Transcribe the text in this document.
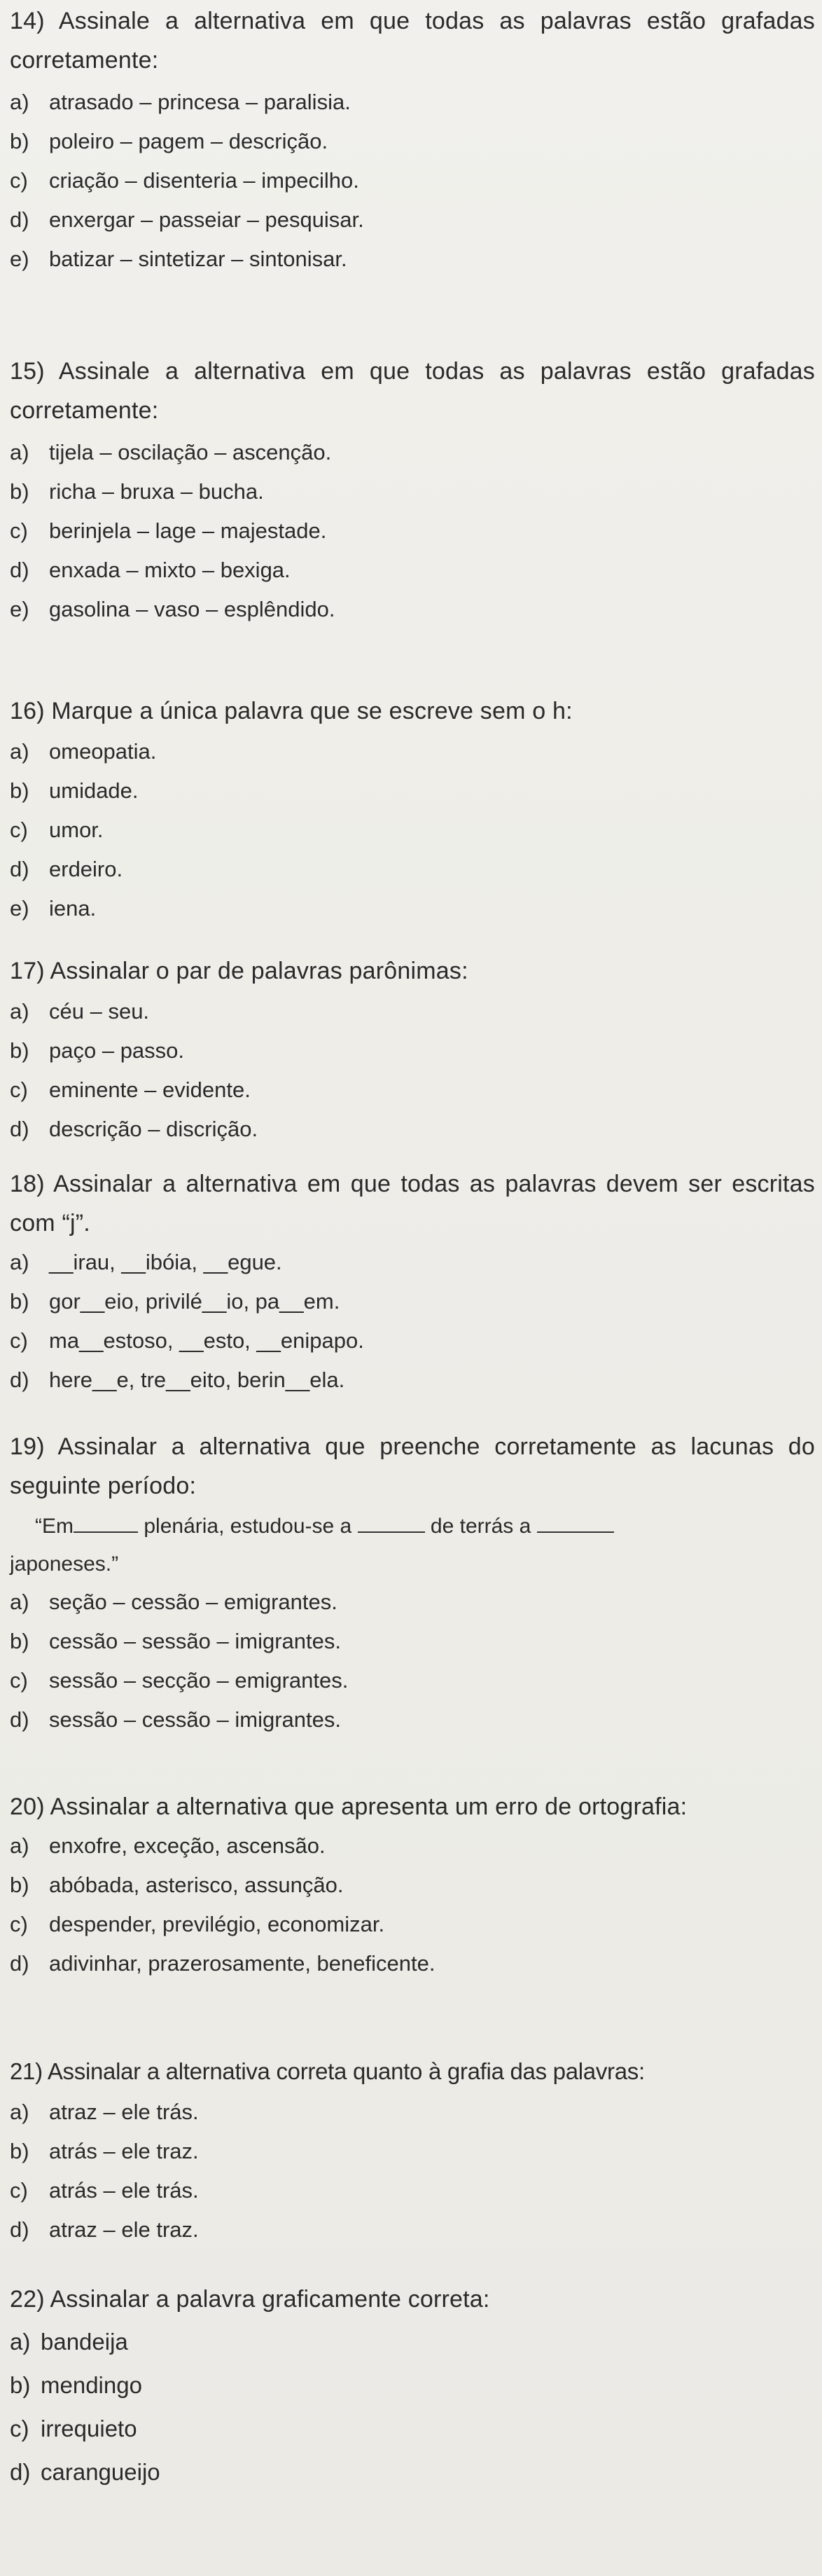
14) Assinale a alternativa em que todas as palavras estão grafadas corretamente:

a) atrasado – princesa – paralisia.

b) poleiro – pagem – descrição.

c) criação – disenteria – impecilho.

d) enxergar – passeiar – pesquisar.

e) batizar – sintetizar – sintonisar.

15) Assinale a alternativa em que todas as palavras estão grafadas corretamente:

a) tijela – oscilação – ascenção.

b) richa – bruxa – bucha.

c) berinjela – lage – majestade.

d) enxada – mixto – bexiga.

e) gasolina – vaso – esplêndido.

16) Marque a única palavra que se escreve sem o h:

a) omeopatia.

b) umidade.

c) umor.

d) erdeiro.

e) iena.

17) Assinalar o par de palavras parônimas:

a) céu – seu.

b) paço – passo.

c) eminente – evidente.

d) descrição – discrição.

18) Assinalar a alternativa em que todas as palavras devem ser escritas com “j”.

a) __irau, __ibóia, __egue.

b) gor__eio, privilé__io, pa__em.

c) ma__estoso, __esto, __enipapo.

d) here__e, tre__eito, berin__ela.

19) Assinalar a alternativa que preenche corretamente as lacunas do seguinte período:

“Em	plenária, estudou-se a	de terrás a

japoneses.”

a) seção – cessão – emigrantes.

b) cessão – sessão – imigrantes.

c) sessão – secção – emigrantes.

d) sessão – cessão – imigrantes.

20) Assinalar a alternativa que apresenta um erro de ortografia:

a) enxofre, exceção, ascensão.

b) abóbada, asterisco, assunção.

c) despender, previlégio, economizar.

d) adivinhar, prazerosamente, beneficente.

21) Assinalar a alternativa correta quanto à grafia das palavras:

a) atraz – ele trás.

b) atrás – ele traz.

c) atrás – ele trás.

d) atraz – ele traz.

22) Assinalar a palavra graficamente correta:

a) bandeija

b) mendingo

c) irrequieto

d) carangueijo
